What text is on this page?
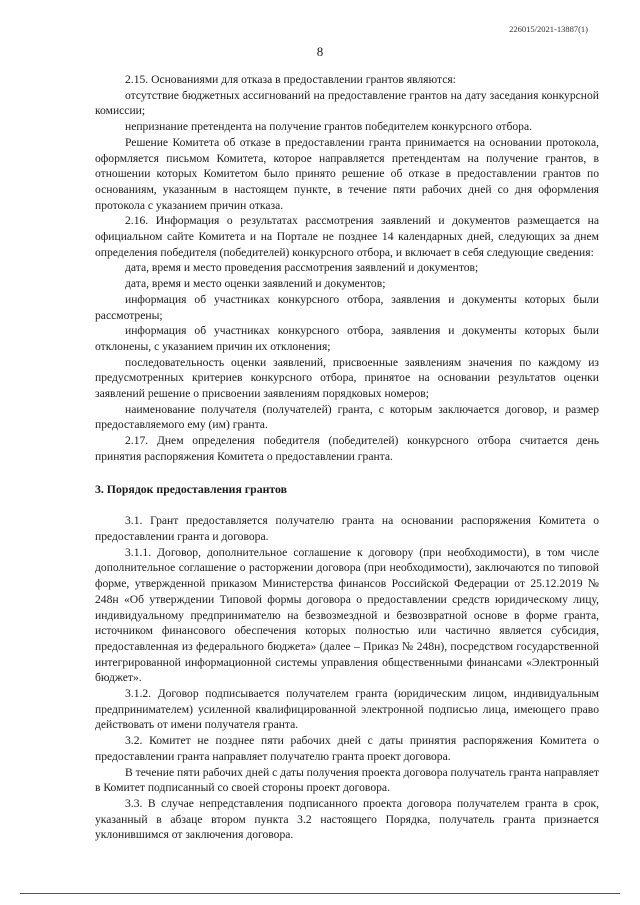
226015/2021-13887(1)
8

2.15. Основаниями для отказа в предоставлении грантов являются:

отсутствие бюджетных ассигнований на предоставление грантов на дату заседания конкурсной комиссии;

непризнание претендента на получение грантов победителем конкурсного отбора.

Решение Комитета об отказе в предоставлении гранта принимается на основании протокола, оформляется письмом Комитета, которое направляется претендентам на получение грантов, в отношении которых Комитетом было принято решение об отказе в предоставлении грантов по основаниям, указанным в настоящем пункте, в течение пяти рабочих дней со дня оформления протокола с указанием причин отказа.

2.16. Информация о результатах рассмотрения заявлений и документов размещается на официальном сайте Комитета и на Портале не позднее 14 календарных дней, следующих за днем определения победителя (победителей) конкурсного отбора, и включает в себя следующие сведения:

дата, время и место проведения рассмотрения заявлений и документов;

дата, время и место оценки заявлений и документов;

информация об участниках конкурсного отбора, заявления и документы которых были рассмотрены;

информация об участниках конкурсного отбора, заявления и документы которых были отклонены, с указанием причин их отклонения;

последовательность оценки заявлений, присвоенные заявлениям значения по каждому из предусмотренных критериев конкурсного отбора, принятое на основании результатов оценки заявлений решение о присвоении заявлениям порядковых номеров;

наименование получателя (получателей) гранта, с которым заключается договор, и размер предоставляемого ему (им) гранта.

2.17. Днем определения победителя (победителей) конкурсного отбора считается день принятия распоряжения Комитета о предоставлении гранта.

3. Порядок предоставления грантов

3.1. Грант предоставляется получателю гранта на основании распоряжения Комитета о предоставлении гранта и договора.

3.1.1. Договор, дополнительное соглашение к договору (при необходимости), в том числе дополнительное соглашение о расторжении договора (при необходимости), заключаются по типовой форме, утвержденной приказом Министерства финансов Российской Федерации от 25.12.2019 № 248н «Об утверждении Типовой формы договора о предоставлении средств юридическому лицу, индивидуальному предпринимателю на безвозмездной и безвозвратной основе в форме гранта, источником финансового обеспечения которых полностью или частично является субсидия, предоставленная из федерального бюджета» (далее – Приказ № 248н), посредством государственной интегрированной информационной системы управления общественными финансами «Электронный бюджет».

3.1.2. Договор подписывается получателем гранта (юридическим лицом, индивидуальным предпринимателем) усиленной квалифицированной электронной подписью лица, имеющего право действовать от имени получателя гранта.

3.2. Комитет не позднее пяти рабочих дней с даты принятия распоряжения Комитета о предоставлении гранта направляет получателю гранта проект договора.

В течение пяти рабочих дней с даты получения проекта договора получатель гранта направляет в Комитет подписанный со своей стороны проект договора.

3.3. В случае непредставления подписанного проекта договора получателем гранта в срок, указанный в абзаце втором пункта 3.2 настоящего Порядка, получатель гранта признается уклонившимся от заключения договора.
